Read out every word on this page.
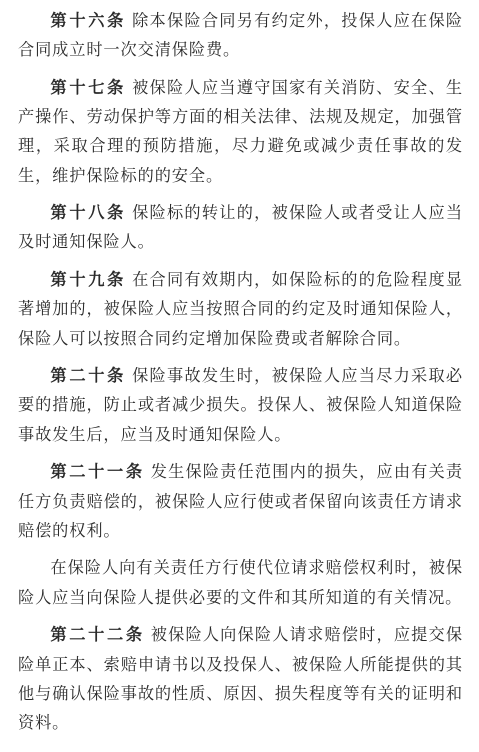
第十六条 除本保险合同另有约定外，投保人应在保险合同成立时一次交清保险费。

第十七条 被保险人应当遵守国家有关消防、安全、生产操作、劳动保护等方面的相关法律、法规及规定，加强管理，采取合理的预防措施，尽力避免或减少责任事故的发生，维护保险标的的安全。

第十八条 保险标的转让的，被保险人或者受让人应当及时通知保险人。

第十九条 在合同有效期内，如保险标的的危险程度显著增加的，被保险人应当按照合同的约定及时通知保险人，保险人可以按照合同约定增加保险费或者解除合同。

第二十条 保险事故发生时，被保险人应当尽力采取必要的措施，防止或者减少损失。投保人、被保险人知道保险事故发生后，应当及时通知保险人。

第二十一条 发生保险责任范围内的损失，应由有关责任方负责赔偿的，被保险人应行使或者保留向该责任方请求赔偿的权利。

在保险人向有关责任方行使代位请求赔偿权利时，被保险人应当向保险人提供必要的文件和其所知道的有关情况。

第二十二条 被保险人向保险人请求赔偿时，应提交保险单正本、索赔申请书以及投保人、被保险人所能提供的其他与确认保险事故的性质、原因、损失程度等有关的证明和资料。
